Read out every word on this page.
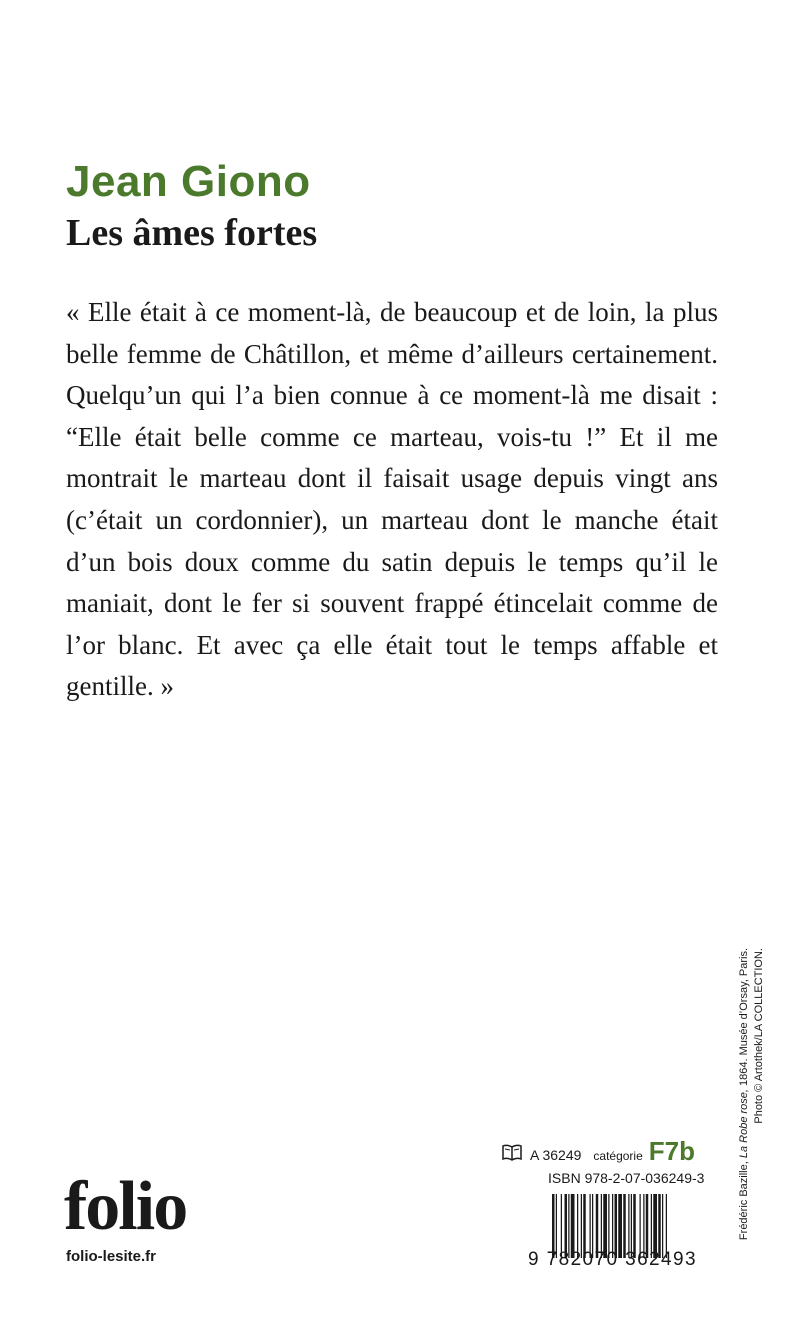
Jean Giono
Les âmes fortes

« Elle était à ce moment-là, de beaucoup et de loin, la plus belle femme de Châtillon, et même d’ailleurs certainement. Quelqu’un qui l’a bien connue à ce moment-là me disait : “Elle était belle comme ce marteau, vois-tu !” Et il me montrait le marteau dont il faisait usage depuis vingt ans (c’était un cordonnier), un marteau dont le manche était d’un bois doux comme du satin depuis le temps qu’il le maniait, dont le fer si souvent frappé étincelait comme de l’or blanc. Et avec ça elle était tout le temps affable et gentille. »

Frédéric Bazille, La Robe rose, 1864. Musée d’Orsay, Paris. Photo © Artothek/LA COLLECTION.
A 36249 catégorie F7b
ISBN 978-2-07-036249-3
9 782070 362493
folio
folio-lesite.fr
